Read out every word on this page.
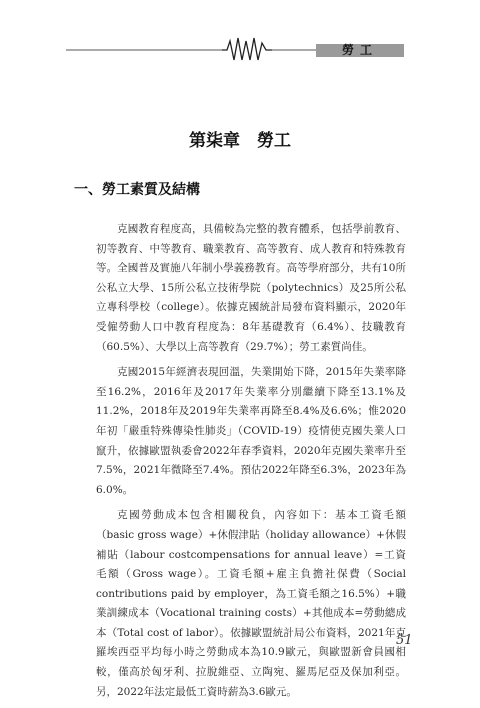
勞工
第柒章　勞工
一、勞工素質及結構

克國教育程度高，具備較為完整的教育體系，包括學前教育、初等教育、中等教育、職業教育、高等教育、成人教育和特殊教育等。全國普及實施八年制小學義務教育。高等學府部分，共有10所公私立大學、15所公私立技術學院（polytechnics）及25所公私立專科學校（college）。依據克國統計局發布資料顯示，2020年受僱勞動人口中教育程度為：8年基礎教育（6.4%）、技職教育（60.5%）、大學以上高等教育（29.7%）；勞工素質尚佳。

克國2015年經濟表現回溫，失業開始下降，2015年失業率降至16.2%，2016年及2017年失業率分別繼續下降至13.1%及11.2%，2018年及2019年失業率再降至8.4%及6.6%；惟2020年初「嚴重特殊傳染性肺炎」（COVID-19）疫情使克國失業人口竄升，依據歐盟執委會2022年春季資料，2020年克國失業率升至7.5%，2021年微降至7.4%。預估2022年降至6.3%，2023年為6.0%。

克國勞動成本包含相關稅負，內容如下：基本工資毛額（basic gross wage）+休假津貼（holiday allowance）+休假補貼（labour costcompensations for annual leave）=工資毛額（Gross wage）。工資毛額+雇主負擔社保費（Social contributions paid by employer，為工資毛額之16.5%）+職業訓練成本（Vocational training costs）+其他成本=勞動總成本（Total cost of labor）。依據歐盟統計局公布資料，2021年克羅埃西亞平均每小時之勞動成本為10.9歐元，與歐盟新會員國相較，僅高於匈牙利、拉脫維亞、立陶宛、羅馬尼亞及保加利亞。另，2022年法定最低工資時薪為3.6歐元。

51
